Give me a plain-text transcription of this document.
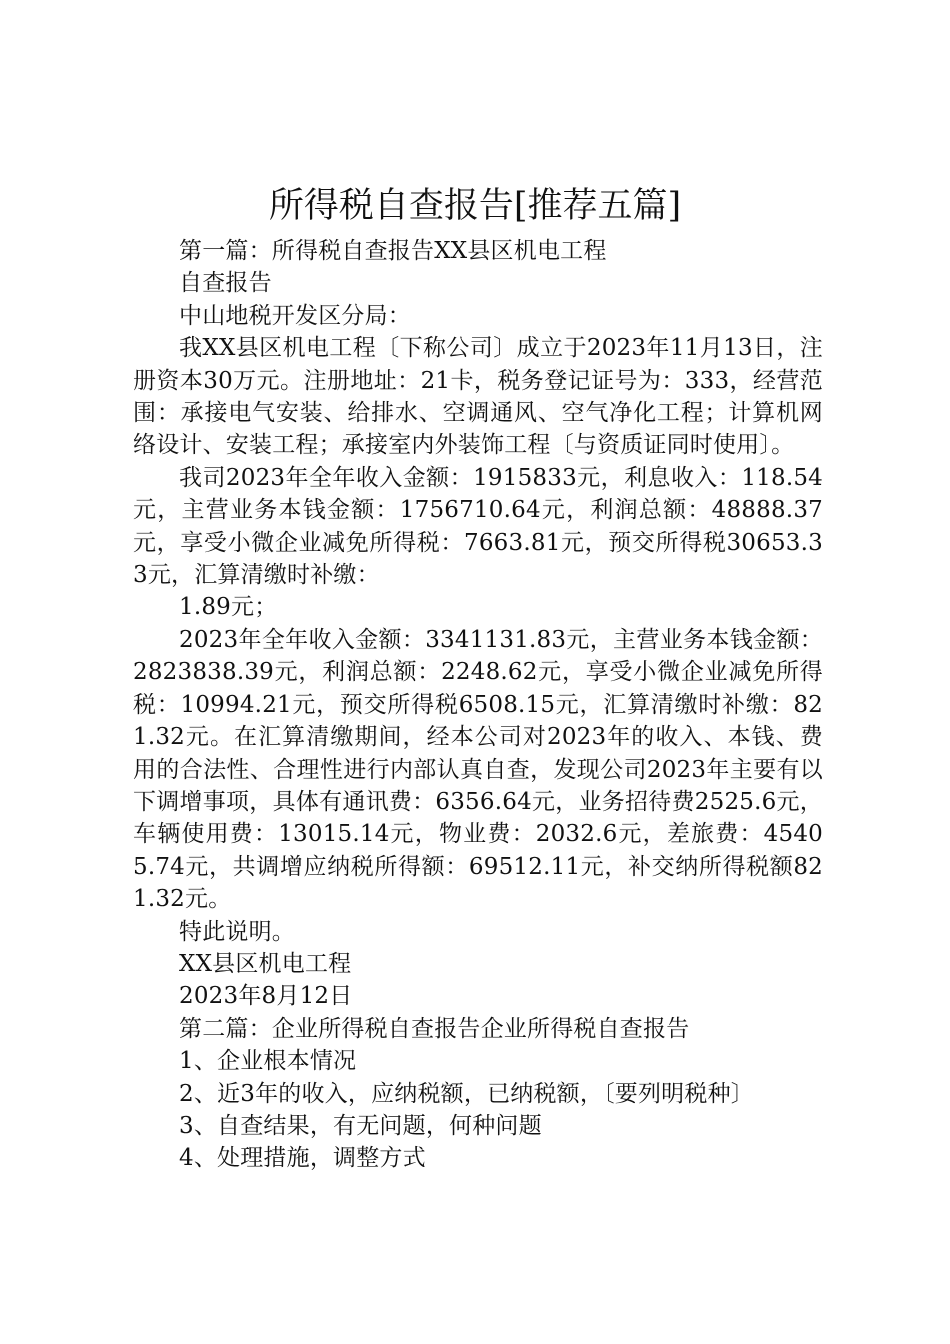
所得税自查报告[推荐五篇]

第一篇：所得税自查报告XX县区机电工程

自查报告

中山地税开发区分局：

我XX县区机电工程〔下称公司〕成立于2023年11月13日，注册资本30万元。注册地址：21卡，税务登记证号为：333，经营范围：承接电气安装、给排水、空调通风、空气净化工程；计算机网络设计、安装工程；承接室内外装饰工程〔与资质证同时使用〕。

我司2023年全年收入金额：1915833元，利息收入：118.54元，主营业务本钱金额：1756710.64元，利润总额：48888.37元，享受小微企业减免所得税：7663.81元，预交所得税30653.33元，汇算清缴时补缴：

1.89元；

2023年全年收入金额：3341131.83元，主营业务本钱金额：2823838.39元，利润总额：2248.62元，享受小微企业减免所得税：10994.21元，预交所得税6508.15元，汇算清缴时补缴：821.32元。在汇算清缴期间，经本公司对2023年的收入、本钱、费用的合法性、合理性进行内部认真自查，发现公司2023年主要有以下调增事项，具体有通讯费：6356.64元，业务招待费2525.6元，车辆使用费：13015.14元，物业费：2032.6元，差旅费：45405.74元，共调增应纳税所得额：69512.11元，补交纳所得税额821.32元。

特此说明。

XX县区机电工程

2023年8月12日

第二篇：企业所得税自查报告企业所得税自查报告

1、企业根本情况

2、近3年的收入，应纳税额，已纳税额，〔要列明税种〕

3、自查结果，有无问题，何种问题

4、处理措施，调整方式
